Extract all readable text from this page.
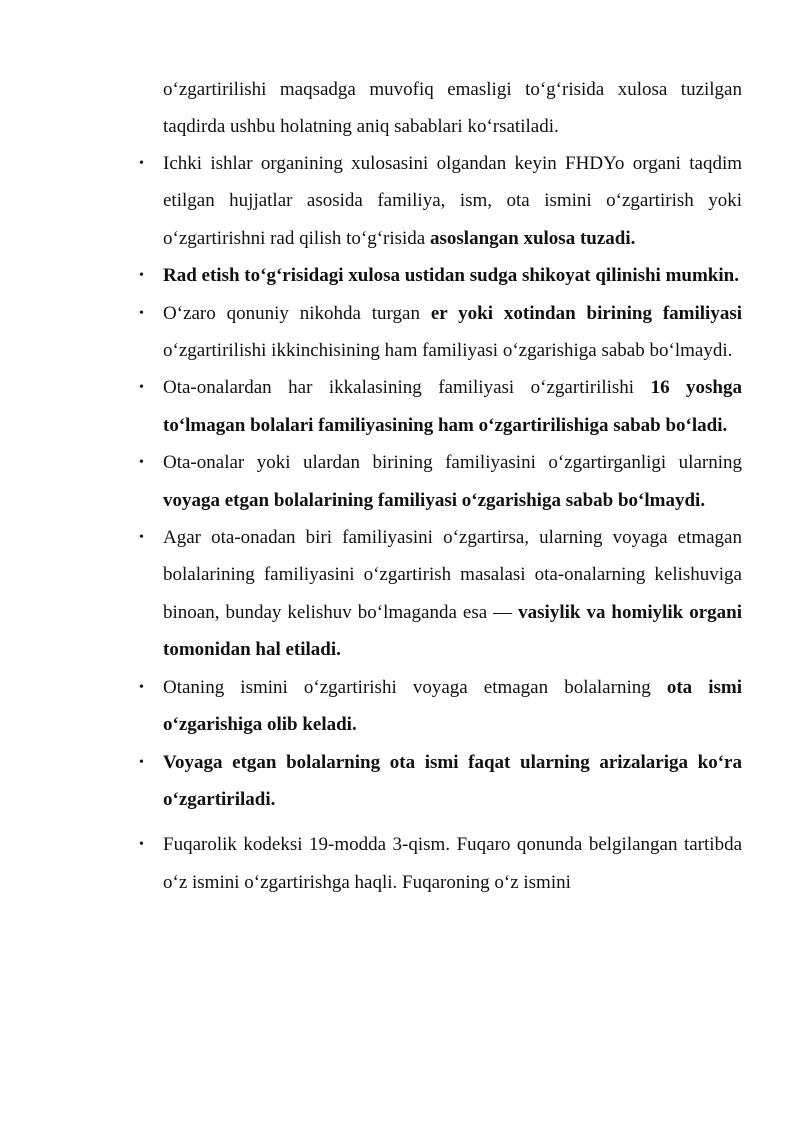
oʻzgartirilishi maqsadga muvofiq emasligi toʻgʻrisida xulosa tuzilgan taqdirda ushbu holatning aniq sabablari koʻrsatiladi.

• Ichki ishlar organining xulosasini olgandan keyin FHDYo organi taqdim etilgan hujjatlar asosida familiya, ism, ota ismini oʻzgartirish yoki oʻzgartirishni rad qilish toʻgʻrisida asoslangan xulosa tuzadi.
• Rad etish toʻgʻrisidagi xulosa ustidan sudga shikoyat qilinishi mumkin.
• Oʻzaro qonuniy nikohda turgan er yoki xotindan birining familiyasi oʻzgartirilishi ikkinchisining ham familiyasi oʻzgarishiga sabab boʻlmaydi.
• Ota-onalardan har ikkalasining familiyasi oʻzgartirilishi 16 yoshga toʻlmagan bolalari familiyasining ham oʻzgartirilishiga sabab boʻladi.
• Ota-onalar yoki ulardan birining familiyasini oʻzgartirganligi ularning voyaga etgan bolalarining familiyasi oʻzgarishiga sabab boʻlmaydi.
• Agar ota-onadan biri familiyasini oʻzgartirsa, ularning voyaga etmagan bolalarining familiyasini oʻzgartirish masalasi ota-onalarning kelishuviga binoan, bunday kelishuv boʻlmaganda esa — vasiylik va homiylik organi tomonidan hal etiladi.
• Otaning ismini oʻzgartirishi voyaga etmagan bolalarning ota ismi oʻzgarishiga olib keladi.
• Voyaga etgan bolalarning ota ismi faqat ularning arizalariga koʻra oʻzgartiriladi.
• Fuqarolik kodeksi 19-modda 3-qism. Fuqaro qonunda belgilangan tartibda oʻz ismini oʻzgartirishga haqli. Fuqaroning oʻz ismini
